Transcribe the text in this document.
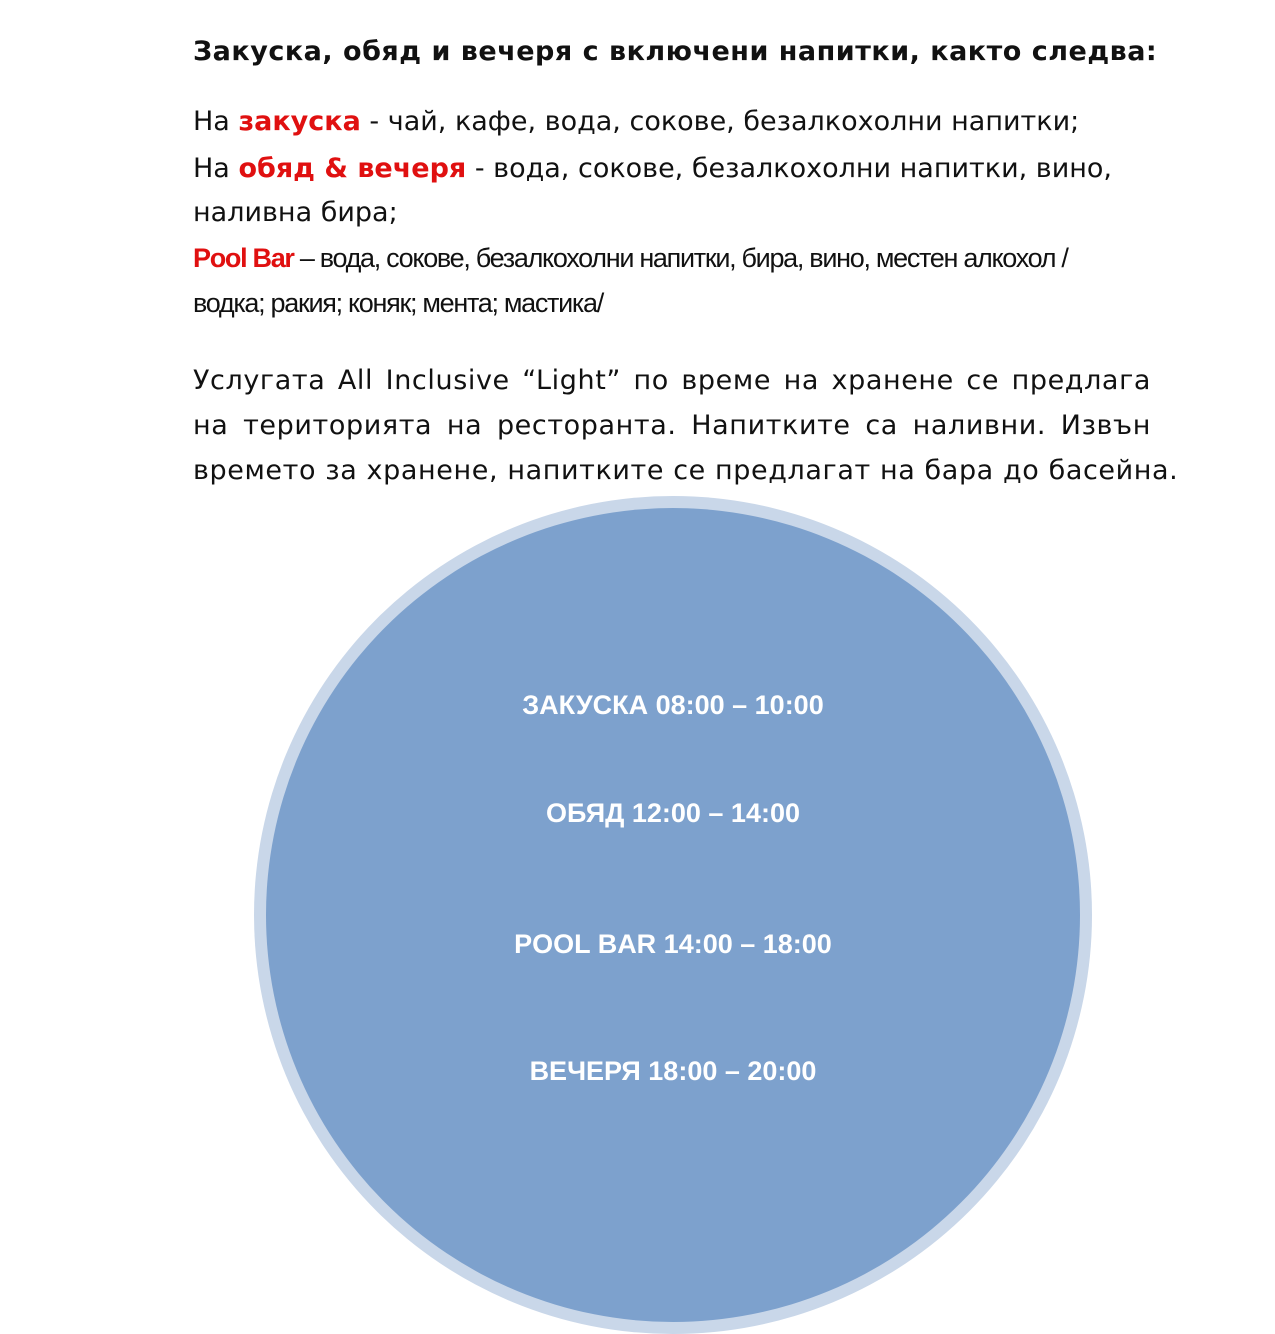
Закуска, обяд и вечеря с включени напитки, както следва:
На закуска - чай, кафе, вода, сокове, безалкохолни напитки;
На обяд & вечеря - вода, сокове, безалкохолни напитки, вино,
наливна бира;
Pool Bar – вода, сокове, безалкохолни напитки, бира, вино, местен алкохол /
водка; ракия; коняк; мента; мастика/
Услугата All Inclusive “Light” по време на хранене се предлага
на територията на ресторанта. Напитките са наливни. Извън
времето за хранене, напитките се предлагат на бара до басейна.
ЗАКУСКА 08:00 – 10:00
ОБЯД 12:00 – 14:00
POOL BAR 14:00 – 18:00
ВЕЧЕРЯ 18:00 – 20:00
